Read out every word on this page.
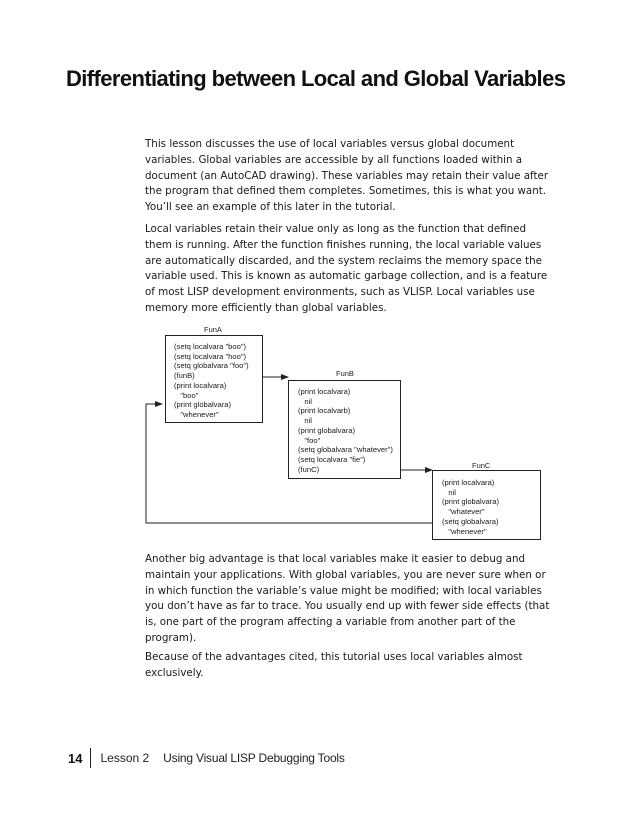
Differentiating between Local and Global Variables

This lesson discusses the use of local variables versus global document variables. Global variables are accessible by all functions loaded within a document (an AutoCAD drawing). These variables may retain their value after the program that defined them completes. Sometimes, this is what you want. You’ll see an example of this later in the tutorial.

Local variables retain their value only as long as the function that defined them is running. After the function finishes running, the local variable values are automatically discarded, and the system reclaims the memory space the variable used. This is known as automatic garbage collection, and is a feature of most LISP development environments, such as VLISP. Local variables use memory more efficiently than global variables.

FunA
(setq localvara "boo")
(setq localvara "hoo")
(setq globalvara "foo")
(funB)
(print localvara)
"boo"
(print globalvara)
"whenever"
FunB
(print localvara)
nil
(print localvarb)
nil
(print globalvara)
"foo"
(setq globalvara "whatever")
(setq localvara "fie")
(funC)	FunC
(print localvara)
nil
(print globalvara)
"whatever"
(setq globalvara)
"whenever"

Another big advantage is that local variables make it easier to debug and maintain your applications. With global variables, you are never sure when or in which function the variable’s value might be modified; with local variables you don’t have as far to trace. You usually end up with fewer side effects (that is, one part of the program affecting a variable from another part of the program).

Because of the advantages cited, this tutorial uses local variables almost exclusively.

14 Lesson 2 Using Visual LISP Debugging Tools
